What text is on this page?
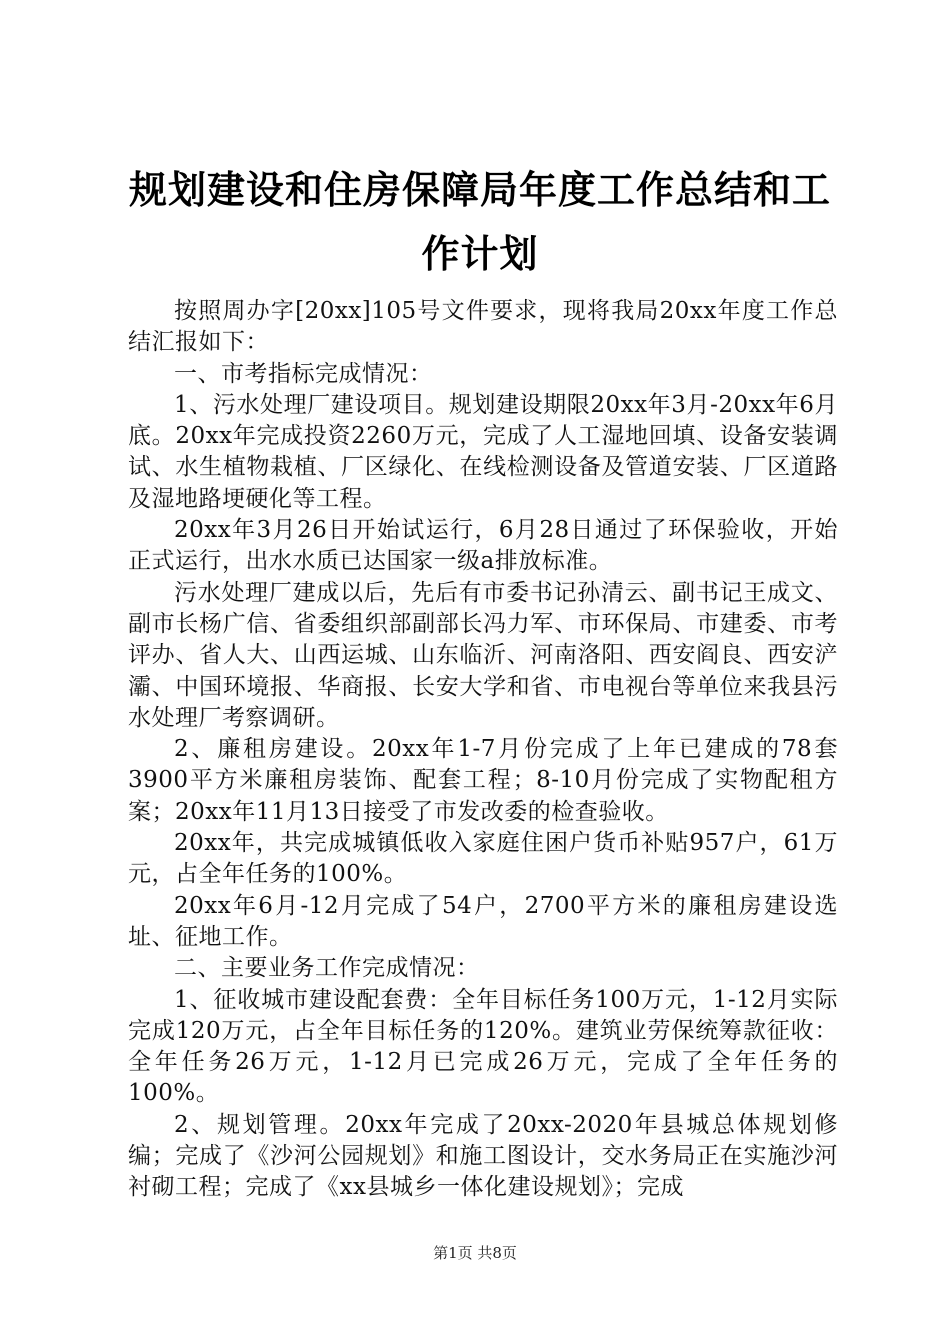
规划建设和住房保障局年度工作总结和工作计划

按照周办字[20xx]105号文件要求，现将我局20xx年度工作总结汇报如下：

一、市考指标完成情况：

1、污水处理厂建设项目。规划建设期限20xx年3月-20xx年6月底。20xx年完成投资2260万元，完成了人工湿地回填、设备安装调试、水生植物栽植、厂区绿化、在线检测设备及管道安装、厂区道路及湿地路埂硬化等工程。

20xx年3月26日开始试运行，6月28日通过了环保验收，开始正式运行，出水水质已达国家一级a排放标准。

污水处理厂建成以后，先后有市委书记孙清云、副书记王成文、副市长杨广信、省委组织部副部长冯力军、市环保局、市建委、市考评办、省人大、山西运城、山东临沂、河南洛阳、西安阎良、西安浐灞、中国环境报、华商报、长安大学和省、市电视台等单位来我县污水处理厂考察调研。

2、廉租房建设。20xx年1-7月份完成了上年已建成的78套3900平方米廉租房装饰、配套工程；8-10月份完成了实物配租方案；20xx年11月13日接受了市发改委的检查验收。

20xx年，共完成城镇低收入家庭住困户货币补贴957户，61万元，占全年任务的100%。

20xx年6月-12月完成了54户，2700平方米的廉租房建设选址、征地工作。

二、主要业务工作完成情况：

1、征收城市建设配套费：全年目标任务100万元，1-12月实际完成120万元，占全年目标任务的120%。建筑业劳保统筹款征收：全年任务26万元，1-12月已完成26万元，完成了全年任务的100%。

2、规划管理。20xx年完成了20xx-2020年县城总体规划修编；完成了《沙河公园规划》和施工图设计，交水务局正在实施沙河衬砌工程；完成了《xx县城乡一体化建设规划》；完成

第1页 共8页
